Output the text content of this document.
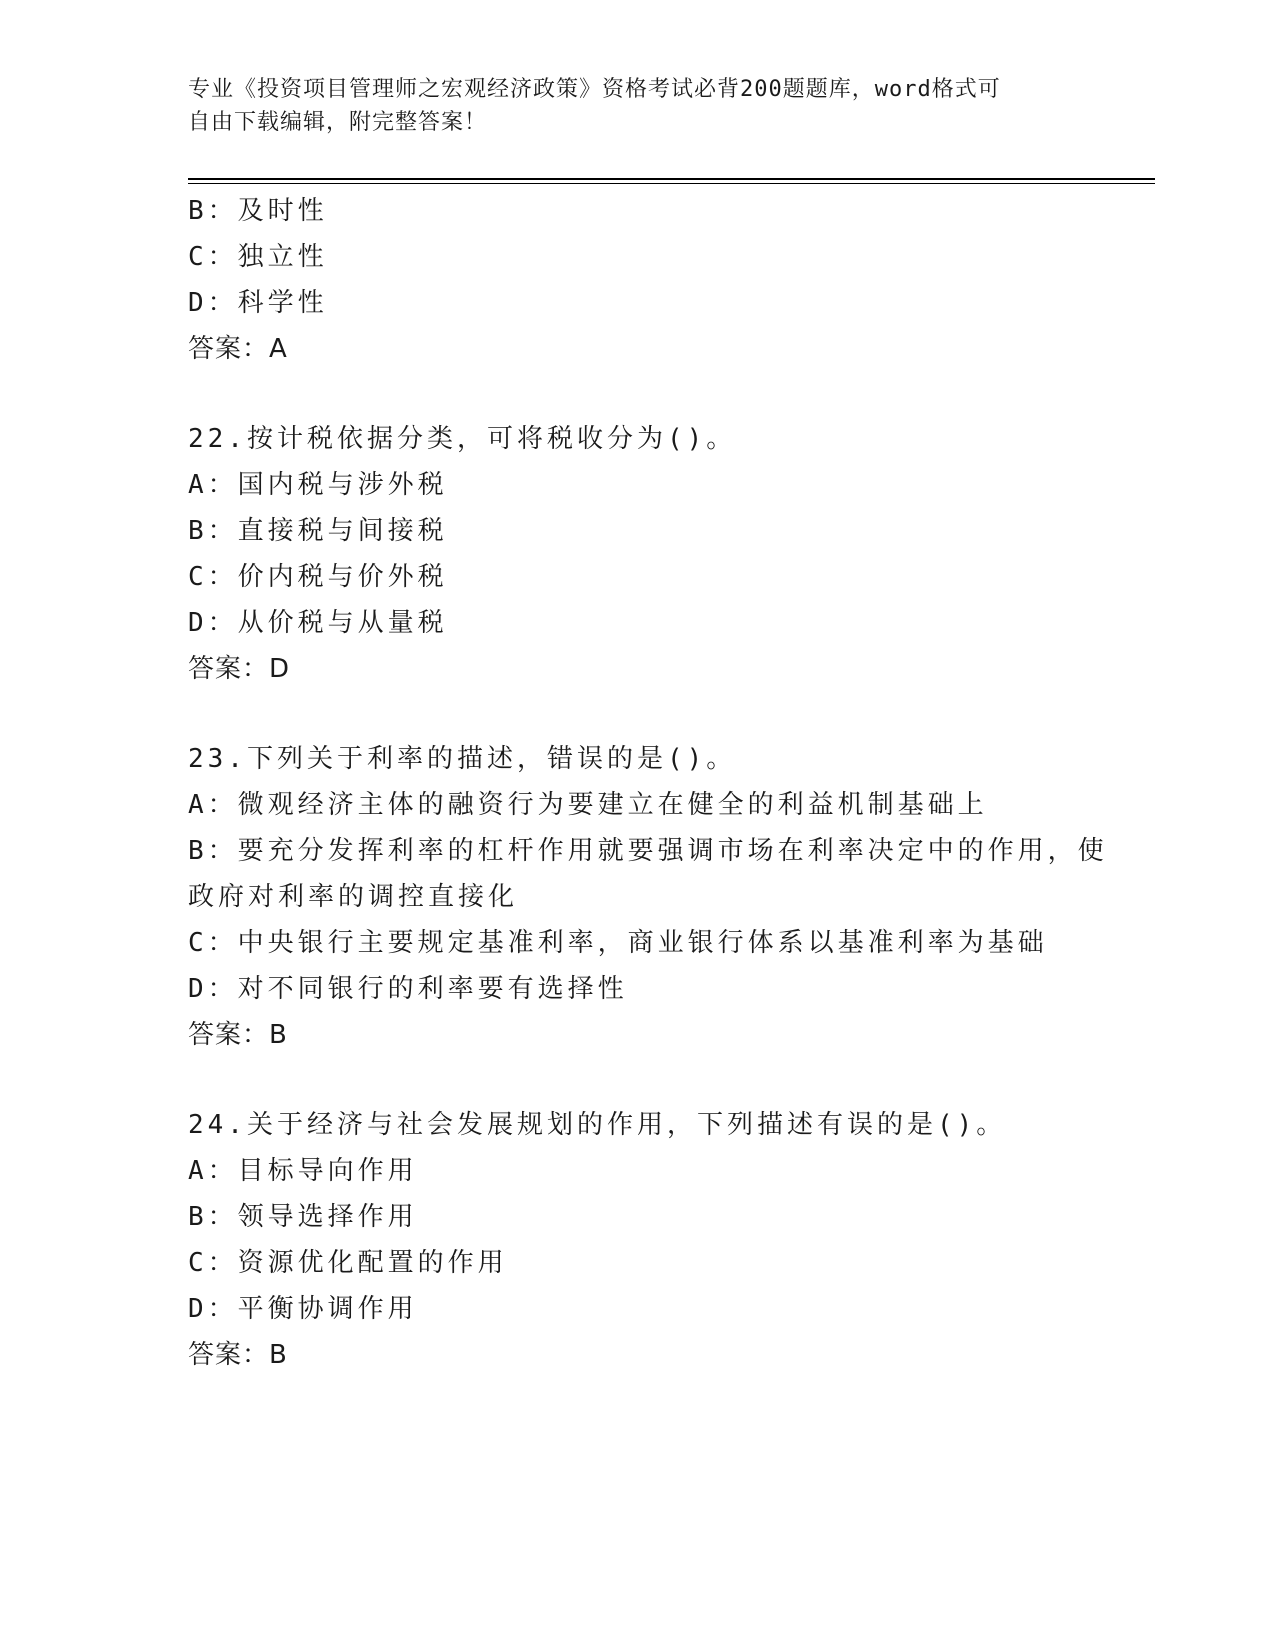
专业《投资项目管理师之宏观经济政策》资格考试必背200题题库，word格式可
自由下载编辑，附完整答案！
B：及时性
C：独立性
D：科学性
答案：A
22.按计税依据分类，可将税收分为()。
A：国内税与涉外税
B：直接税与间接税
C：价内税与价外税
D：从价税与从量税
答案：D
23.下列关于利率的描述，错误的是()。
A：微观经济主体的融资行为要建立在健全的利益机制基础上
B：要充分发挥利率的杠杆作用就要强调市场在利率决定中的作用，使
政府对利率的调控直接化
C：中央银行主要规定基准利率，商业银行体系以基准利率为基础
D：对不同银行的利率要有选择性
答案：B
24.关于经济与社会发展规划的作用，下列描述有误的是()。
A：目标导向作用
B：领导选择作用
C：资源优化配置的作用
D：平衡协调作用
答案：B
